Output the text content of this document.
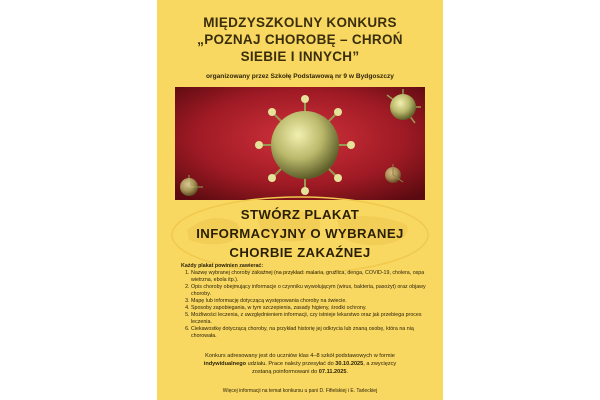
MIĘDZYSZKOLNY KONKURS
„POZNAJ CHOROBĘ – CHROŃ
SIEBIE I INNYCH”
organizowany przez Szkołę Podstawową nr 9 w Bydgoszczy
STWÓRZ PLAKAT
INFORMACYJNY O WYBRANEJ
CHORBIE ZAKAŹNEJ
Każdy plakat powinien zawierać:
1. Nazwę wybranej choroby zakaźnej (na przykład: malaria, gruźlica, denga, COVID-19, cholera, ospa wietrzna, ebola itp.).
2. Opis choroby obejmujący informacje o czynniku wywołującym (wirus, bakteria, pasożyt) oraz objawy choroby.
3. Mapę lub informację dotyczącą występowania choroby na świecie.
4. Sposoby zapobiegania, w tym szczepienia, zasady higieny, środki ochrony.
5. Możliwości leczenia, z uwzględnieniem informacji, czy istnieje lekarstwo oraz jak przebiega proces leczenia.
6. Ciekawostkę dotyczącą choroby, na przykład historię jej odkrycia lub znaną osobę, która na nią chorowała.
Konkurs adresowany jest do uczniów klas 4–8 szkół podstawowych w formie
indywidualnego udziału. Prace należy przesyłać do 30.10.2025, a zwycięzcy
zostaną poinformowani do 07.11.2025.
Więcej informacji na temat konkursu u pani D. Fifielskiej i E. Tarleckiej
